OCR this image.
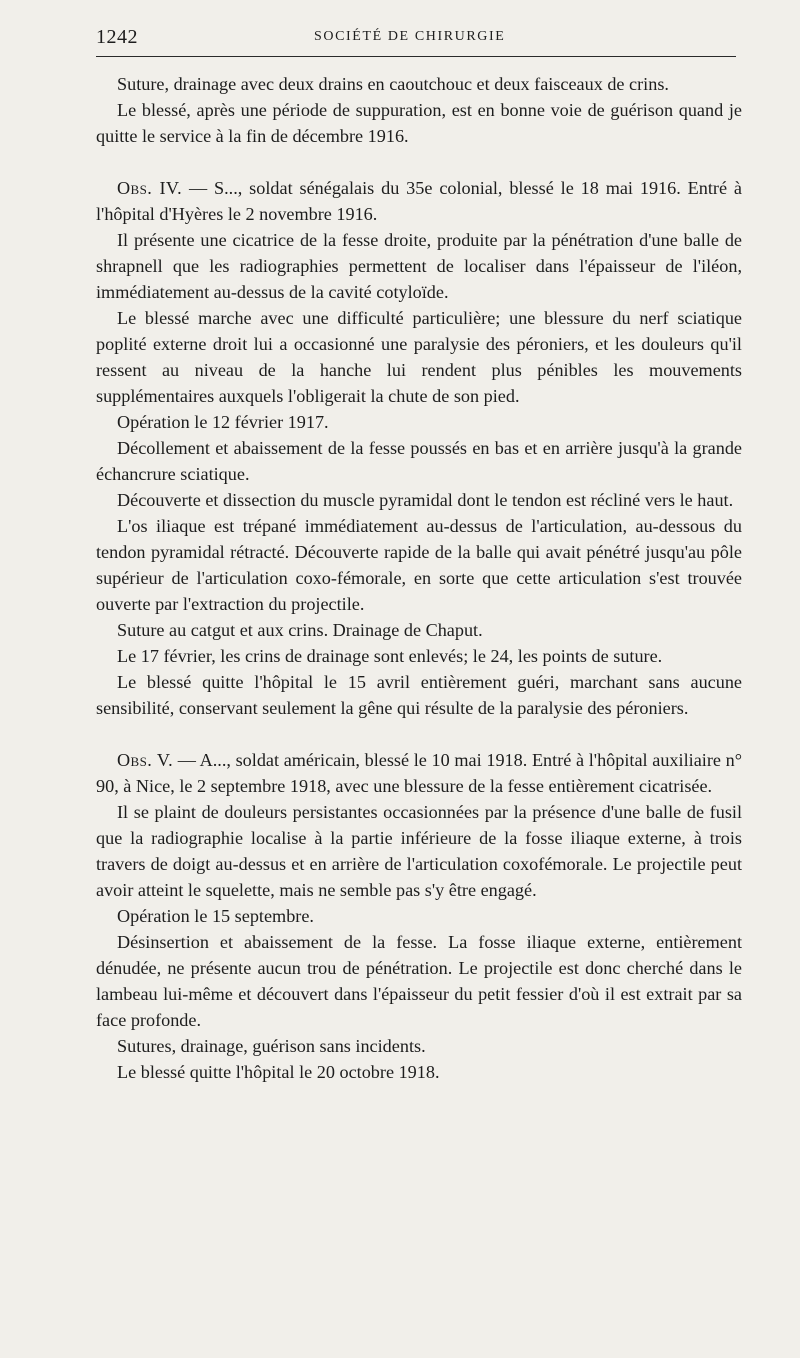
1242	SOCIÉTÉ DE CHIRURGIE

Suture, drainage avec deux drains en caoutchouc et deux faisceaux de crins.

Le blessé, après une période de suppuration, est en bonne voie de guérison quand je quitte le service à la fin de décembre 1916.

Obs. IV. — S..., soldat sénégalais du 35e colonial, blessé le 18 mai 1916. Entré à l'hôpital d'Hyères le 2 novembre 1916.

Il présente une cicatrice de la fesse droite, produite par la pénétration d'une balle de shrapnell que les radiographies permettent de localiser dans l'épaisseur de l'iléon, immédiatement au-dessus de la cavité cotyloïde.

Le blessé marche avec une difficulté particulière; une blessure du nerf sciatique poplité externe droit lui a occasionné une paralysie des péroniers, et les douleurs qu'il ressent au niveau de la hanche lui rendent plus pénibles les mouvements supplémentaires auxquels l'obligerait la chute de son pied.

Opération le 12 février 1917.

Décollement et abaissement de la fesse poussés en bas et en arrière jusqu'à la grande échancrure sciatique.

Découverte et dissection du muscle pyramidal dont le tendon est récliné vers le haut.

L'os iliaque est trépané immédiatement au-dessus de l'articulation, au-dessous du tendon pyramidal rétracté. Découverte rapide de la balle qui avait pénétré jusqu'au pôle supérieur de l'articulation coxo-fémorale, en sorte que cette articulation s'est trouvée ouverte par l'extraction du projectile.

Suture au catgut et aux crins. Drainage de Chaput.

Le 17 février, les crins de drainage sont enlevés; le 24, les points de suture.

Le blessé quitte l'hôpital le 15 avril entièrement guéri, marchant sans aucune sensibilité, conservant seulement la gêne qui résulte de la paralysie des péroniers.

Obs. V. — A..., soldat américain, blessé le 10 mai 1918. Entré à l'hôpital auxiliaire n° 90, à Nice, le 2 septembre 1918, avec une blessure de la fesse entièrement cicatrisée.

Il se plaint de douleurs persistantes occasionnées par la présence d'une balle de fusil que la radiographie localise à la partie inférieure de la fosse iliaque externe, à trois travers de doigt au-dessus et en arrière de l'articulation coxofémorale. Le projectile peut avoir atteint le squelette, mais ne semble pas s'y être engagé.

Opération le 15 septembre.

Désinsertion et abaissement de la fesse. La fosse iliaque externe, entièrement dénudée, ne présente aucun trou de pénétration. Le projectile est donc cherché dans le lambeau lui-même et découvert dans l'épaisseur du petit fessier d'où il est extrait par sa face profonde.

Sutures, drainage, guérison sans incidents.

Le blessé quitte l'hôpital le 20 octobre 1918.
